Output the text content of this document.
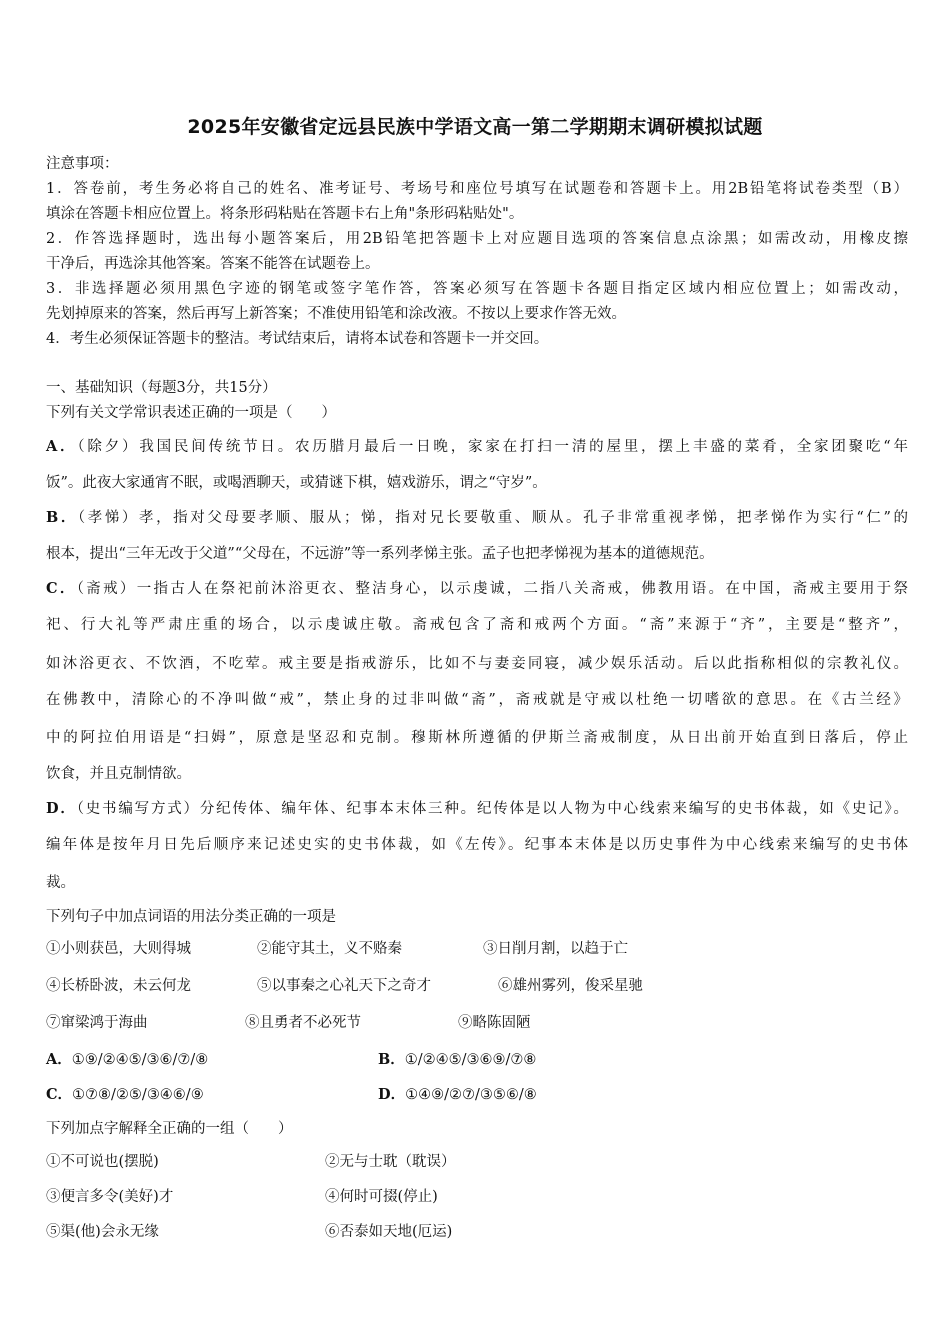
2025年安徽省定远县民族中学语文高一第二学期期末调研模拟试题
注意事项：
1．答卷前，考生务必将自己的姓名、准考证号、考场号和座位号填写在试题卷和答题卡上。用2B铅笔将试卷类型（B）
填涂在答题卡相应位置上。将条形码粘贴在答题卡右上角"条形码粘贴处"。
2．作答选择题时，选出每小题答案后，用2B铅笔把答题卡上对应题目选项的答案信息点涂黑；如需改动，用橡皮擦
干净后，再选涂其他答案。答案不能答在试题卷上。
3．非选择题必须用黑色字迹的钢笔或签字笔作答，答案必须写在答题卡各题目指定区域内相应位置上；如需改动，
先划掉原来的答案，然后再写上新答案；不准使用铅笔和涂改液。不按以上要求作答无效。
4．考生必须保证答题卡的整洁。考试结束后，请将本试卷和答题卡一并交回。
一、基础知识（每题3分，共15分）
下列有关文学常识表述正确的一项是（　　）
A．（除夕）我国民间传统节日。农历腊月最后一日晚，家家在打扫一清的屋里，摆上丰盛的菜肴，全家团聚吃“年
饭”。此夜大家通宵不眠，或喝酒聊天，或猜谜下棋，嬉戏游乐，谓之“守岁”。
B．（孝悌）孝，指对父母要孝顺、服从；悌，指对兄长要敬重、顺从。孔子非常重视孝悌，把孝悌作为实行“仁”的
根本，提出“三年无改于父道”“父母在，不远游”等一系列孝悌主张。孟子也把孝悌视为基本的道德规范。
C．（斋戒）一指古人在祭祀前沐浴更衣、整洁身心，以示虔诚，二指八关斋戒，佛教用语。在中国，斋戒主要用于祭
祀、行大礼等严肃庄重的场合，以示虔诚庄敬。斋戒包含了斋和戒两个方面。“斋”来源于“齐”，主要是“整齐”，
如沐浴更衣、不饮酒，不吃荤。戒主要是指戒游乐，比如不与妻妾同寝，减少娱乐活动。后以此指称相似的宗教礼仪。
在佛教中，清除心的不净叫做“戒”，禁止身的过非叫做“斋”，斋戒就是守戒以杜绝一切嗜欲的意思。在《古兰经》
中的阿拉伯用语是“扫姆”，原意是坚忍和克制。穆斯林所遵循的伊斯兰斋戒制度，从日出前开始直到日落后，停止
饮食，并且克制情欲。
D．（史书编写方式）分纪传体、编年体、纪事本末体三种。纪传体是以人物为中心线索来编写的史书体裁，如《史记》。
编年体是按年月日先后顺序来记述史实的史书体裁，如《左传》。纪事本末体是以历史事件为中心线索来编写的史书体
裁。
下列句子中加点词语的用法分类正确的一项是
①小则获邑，大则得城	②能守其土，义不赂秦	③日削月割，以趋于亡
④长桥卧波，未云何龙	⑤以事秦之心礼天下之奇才	⑥雄州雾列，俊采星驰
⑦窜梁鸿于海曲	⑧且勇者不必死节	⑨略陈固陋
A．①⑨/②④⑤/③⑥/⑦/⑧	B．①/②④⑤/③⑥⑨/⑦⑧
C．①⑦⑧/②⑤/③④⑥/⑨	D．①④⑨/②⑦/③⑤⑥/⑧
下列加点字解释全正确的一组（　　）
①不可说也(摆脱)	②无与士耽（耽误）
③便言多令(美好)才	④何时可掇(停止)
⑤渠(他)会永无缘	⑥否泰如天地(厄运)
